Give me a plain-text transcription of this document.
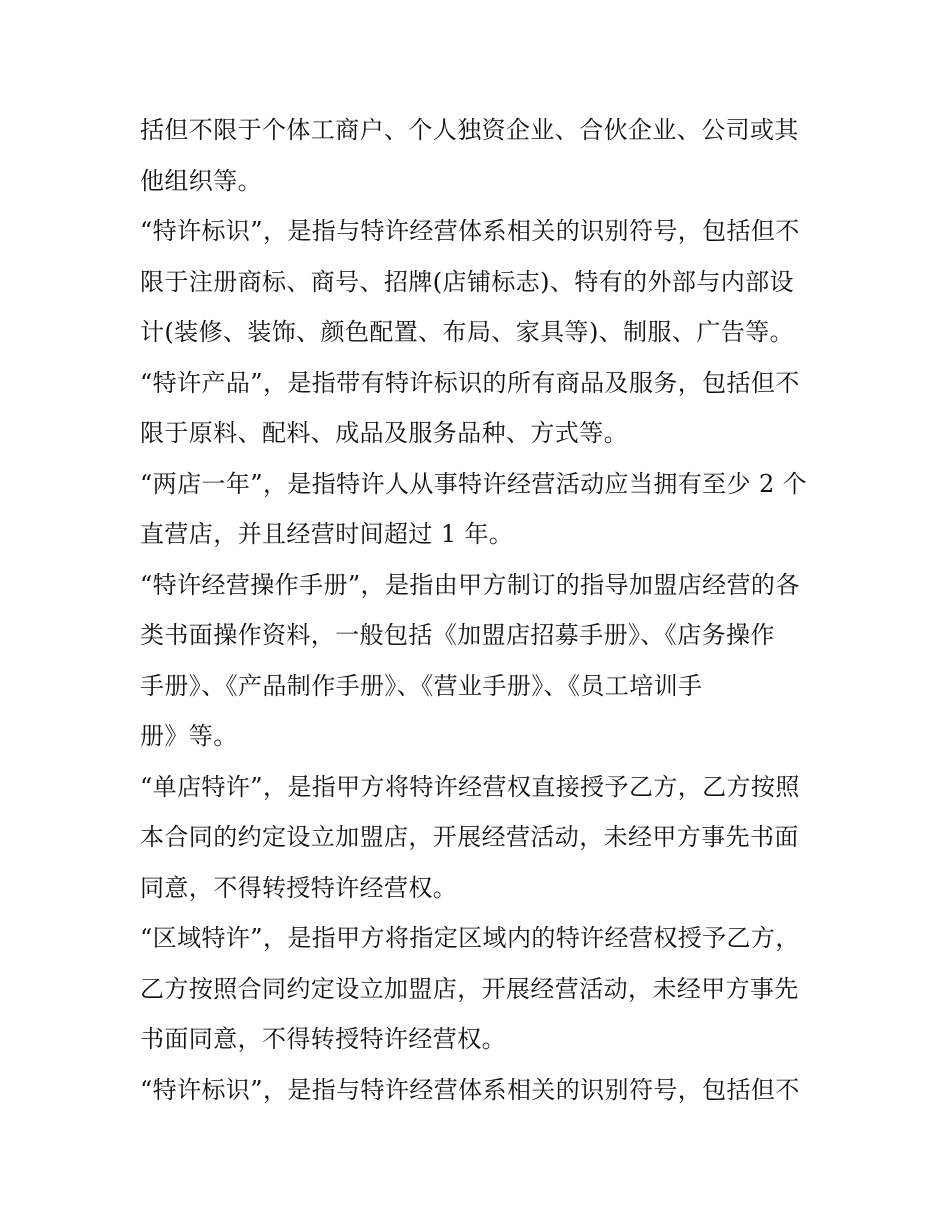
括但不限于个体工商户、个人独资企业、合伙企业、公司或其
他组织等。
“特许标识”，是指与特许经营体系相关的识别符号，包括但不
限于注册商标、商号、招牌(店铺标志)、特有的外部与内部设
计(装修、装饰、颜色配置、布局、家具等)、制服、广告等。
“特许产品”，是指带有特许标识的所有商品及服务，包括但不
限于原料、配料、成品及服务品种、方式等。
“两店一年”，是指特许人从事特许经营活动应当拥有至少 2 个
直营店，并且经营时间超过 1 年。
“特许经营操作手册”，是指由甲方制订的指导加盟店经营的各
类书面操作资料，一般包括《加盟店招募手册》、《店务操作
手册》、《产品制作手册》、《营业手册》、《员工培训手
册》等。
“单店特许”，是指甲方将特许经营权直接授予乙方，乙方按照
本合同的约定设立加盟店，开展经营活动，未经甲方事先书面
同意，不得转授特许经营权。
“区域特许”，是指甲方将指定区域内的特许经营权授予乙方，
乙方按照合同约定设立加盟店，开展经营活动，未经甲方事先
书面同意，不得转授特许经营权。
“特许标识”，是指与特许经营体系相关的识别符号，包括但不
